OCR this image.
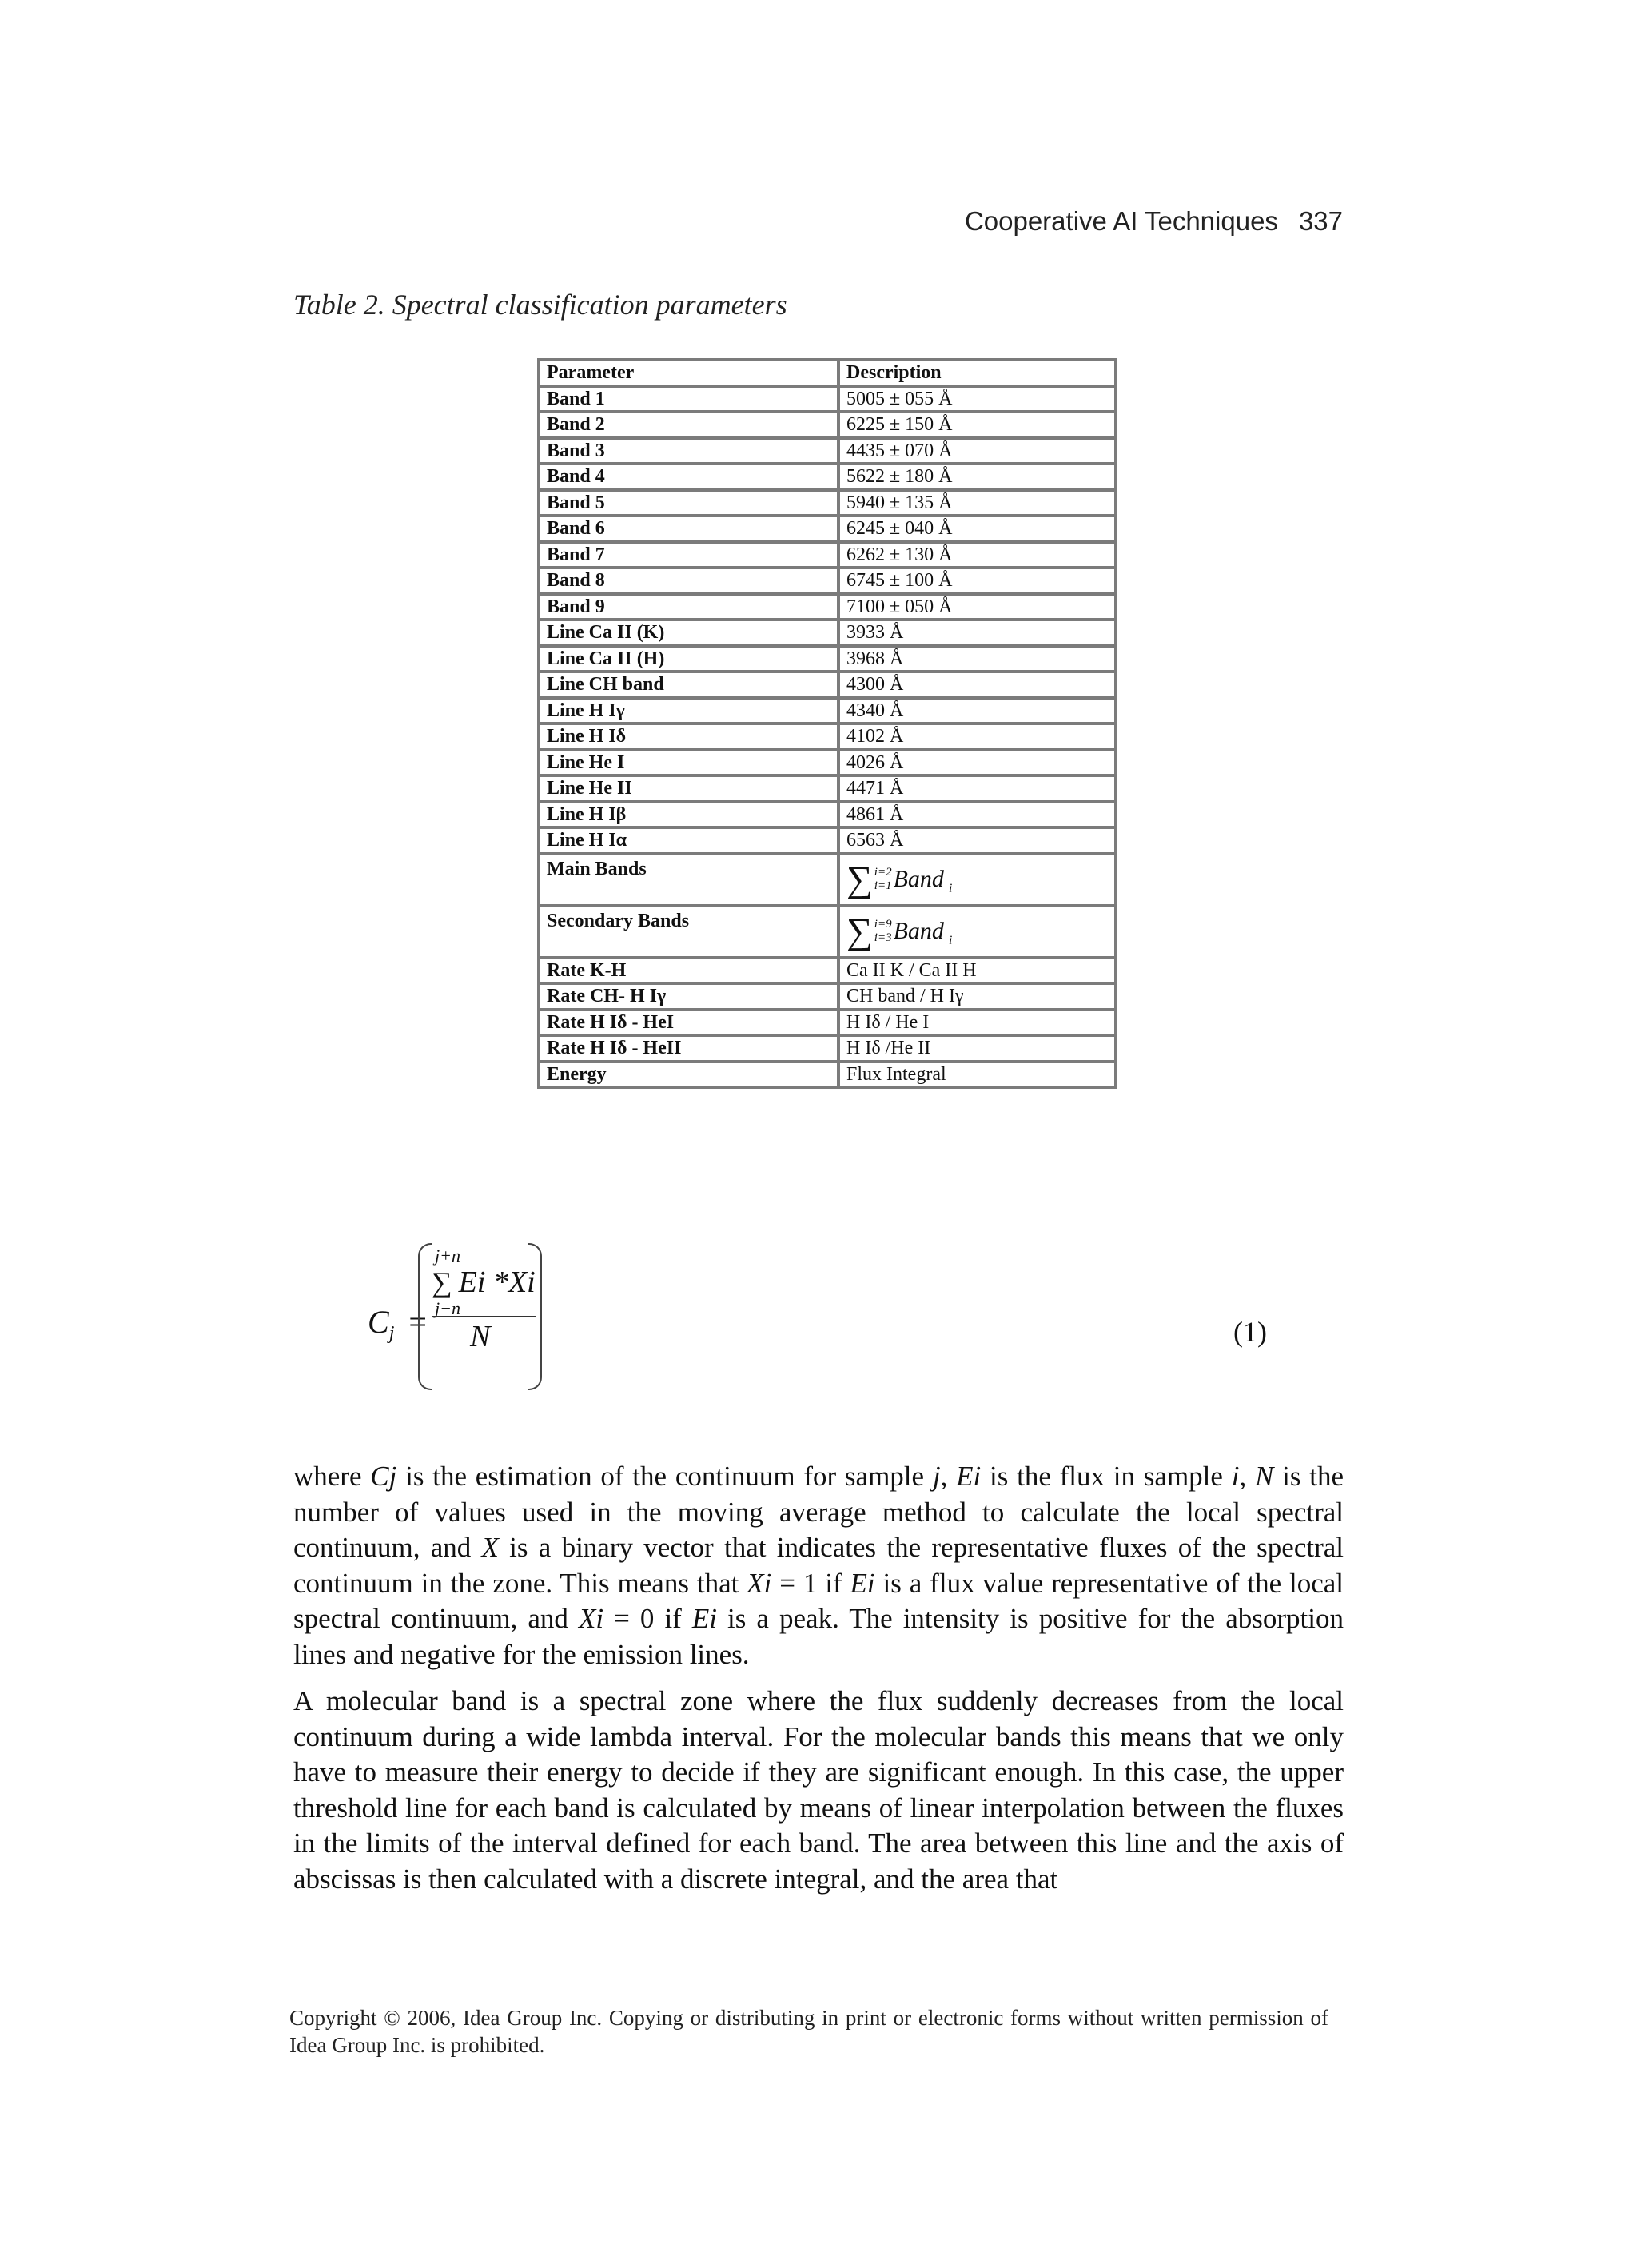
Cooperative AI Techniques 337
Table 2. Spectral classification parameters
Parameter	Description
Band 1	5005 ± 055 Å
Band 2	6225 ± 150 Å
Band 3	4435 ± 070 Å
Band 4	5622 ± 180 Å
Band 5	5940 ± 135 Å
Band 6	6245 ± 040 Å
Band 7	6262 ± 130 Å
Band 8	6745 ± 100 Å
Band 9	7100 ± 050 Å
Line Ca II (K)	3933 Å
Line Ca II (H)	3968 Å
Line CH band	4300 Å
Line H Iγ	4340 Å
Line H Iδ	4102 Å
Line He I	4026 Å
Line He II	4471 Å
Line H Iβ	4861 Å
Line H Iα	6563 Å
Main Bands	∑ i=2
i=1 Band i

Secondary Bands	∑ i=9
i=3 Band i

Rate K-H	Ca II K / Ca II H
Rate CH- H Iγ	CH band / H Iγ
Rate H Iδ - HeI	H Iδ / He I
Rate H Iδ - HeII	H Iδ /He II
Energy	Flux Integral
$C_j$ =
j+n
∑ Ei *Xi
j−n
N	(1)
where Cj is the estimation of the continuum for sample j, Ei is the flux in sample i, N is the number of values used in the moving average method to calculate the local spectral continuum, and X is a binary vector that indicates the representative fluxes of the spectral continuum in the zone. This means that Xi = 1 if Ei is a flux value representative of the local spectral continuum, and Xi = 0 if Ei is a peak. The intensity is positive for the absorption lines and negative for the emission lines.
A molecular band is a spectral zone where the flux suddenly decreases from the local continuum during a wide lambda interval. For the molecular bands this means that we only have to measure their energy to decide if they are significant enough. In this case, the upper threshold line for each band is calculated by means of linear interpolation between the fluxes in the limits of the interval defined for each band. The area between this line and the axis of abscissas is then calculated with a discrete integral, and the area that
Copyright © 2006, Idea Group Inc. Copying or distributing in print or electronic forms without written permission of Idea Group Inc. is prohibited.
